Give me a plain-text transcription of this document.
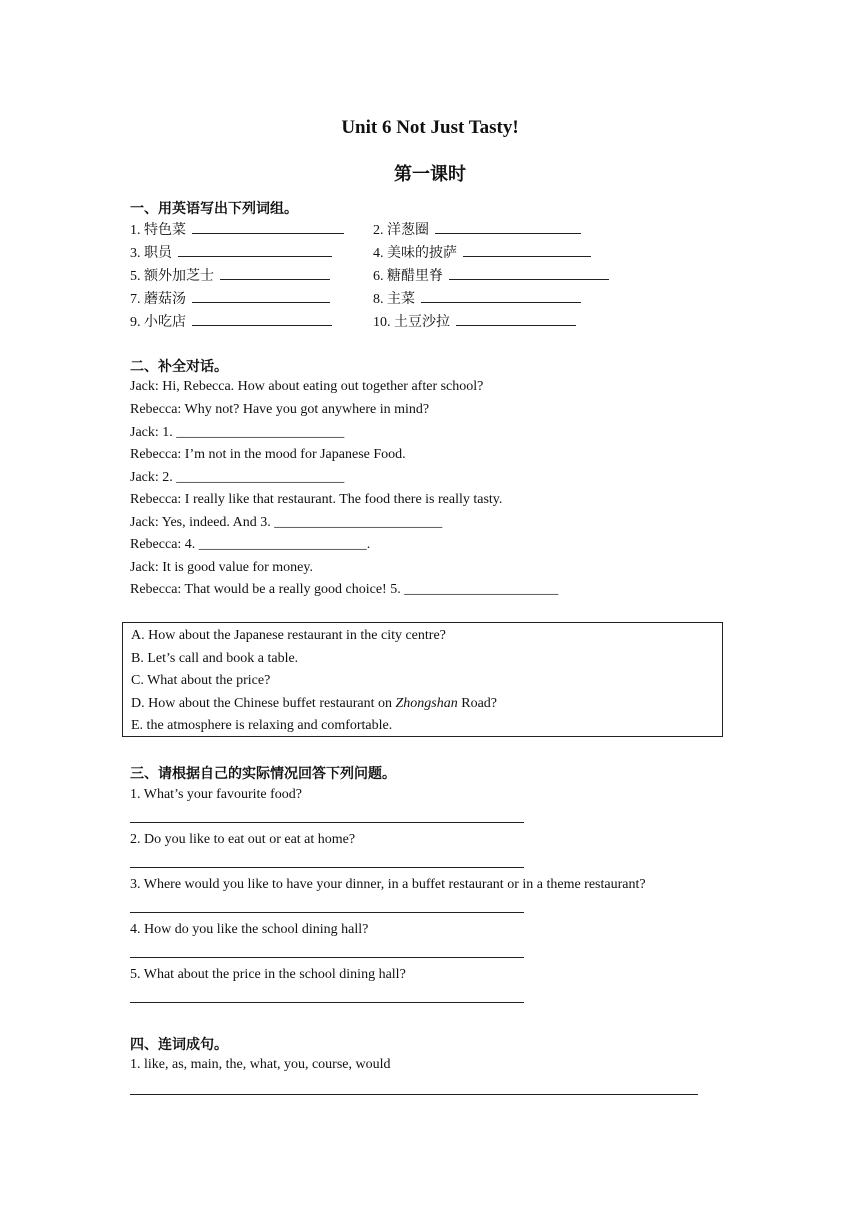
Unit 6 Not Just Tasty!
第一课时
一、用英语写出下列词组。
1. 特色菜	2. 洋葱圈
3. 职员	4. 美味的披萨
5. 额外加芝士	6. 糖醋里脊
7. 蘑菇汤	8. 主菜
9. 小吃店	10. 土豆沙拉
二、补全对话。
Jack: Hi, Rebecca. How about eating out together after school?
Rebecca: Why not? Have you got anywhere in mind?
Jack: 1. ________________________
Rebecca: I’m not in the mood for Japanese Food.
Jack: 2. ________________________
Rebecca: I really like that restaurant. The food there is really tasty.
Jack: Yes, indeed. And 3. ________________________
Rebecca: 4. ________________________.
Jack: It is good value for money.
Rebecca: That would be a really good choice! 5. ______________________
A. How about the Japanese restaurant in the city centre?
B. Let’s call and book a table.
C. What about the price?
D. How about the Chinese buffet restaurant on Zhongshan Road?
E. the atmosphere is relaxing and comfortable.
三、请根据自己的实际情况回答下列问题。
1. What’s your favourite food?
2. Do you like to eat out or eat at home?
3. Where would you like to have your dinner, in a buffet restaurant or in a theme restaurant?
4. How do you like the school dining hall?
5. What about the price in the school dining hall?
四、连词成句。
1. like, as, main, the, what, you, course, would
